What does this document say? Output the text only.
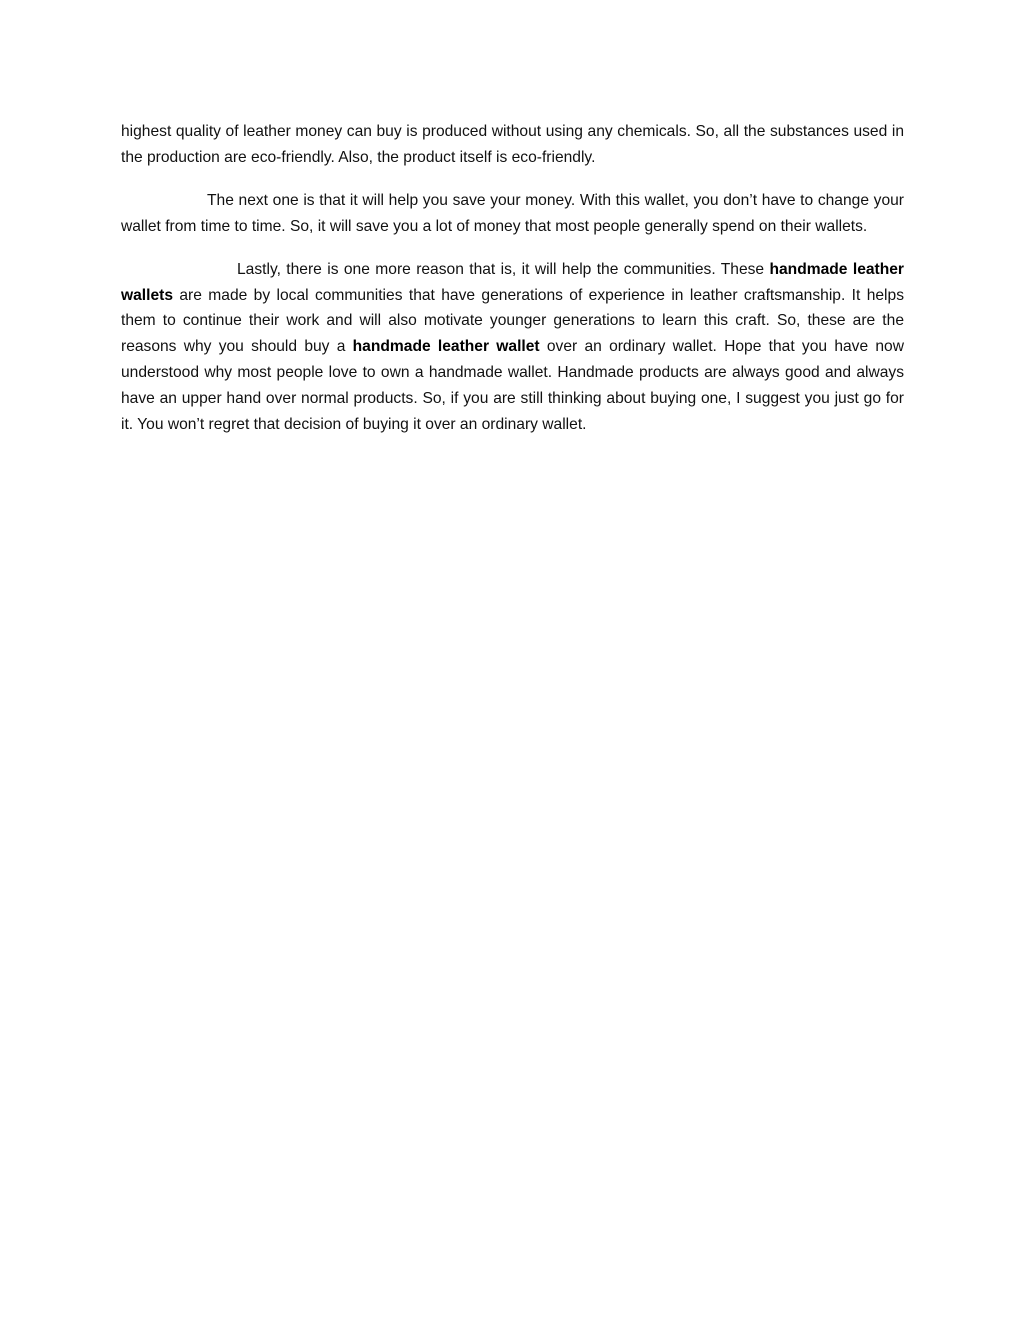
highest quality of leather money can buy is produced without using any chemicals. So, all the substances used in the production are eco-friendly. Also, the product itself is eco-friendly.

The next one is that it will help you save your money. With this wallet, you don’t have to change your wallet from time to time. So, it will save you a lot of money that most people generally spend on their wallets.

Lastly, there is one more reason that is, it will help the communities. These handmade leather wallets are made by local communities that have generations of experience in leather craftsmanship. It helps them to continue their work and will also motivate younger generations to learn this craft. So, these are the reasons why you should buy a handmade leather wallet over an ordinary wallet. Hope that you have now understood why most people love to own a handmade wallet. Handmade products are always good and always have an upper hand over normal products. So, if you are still thinking about buying one, I suggest you just go for it. You won’t regret that decision of buying it over an ordinary wallet.
